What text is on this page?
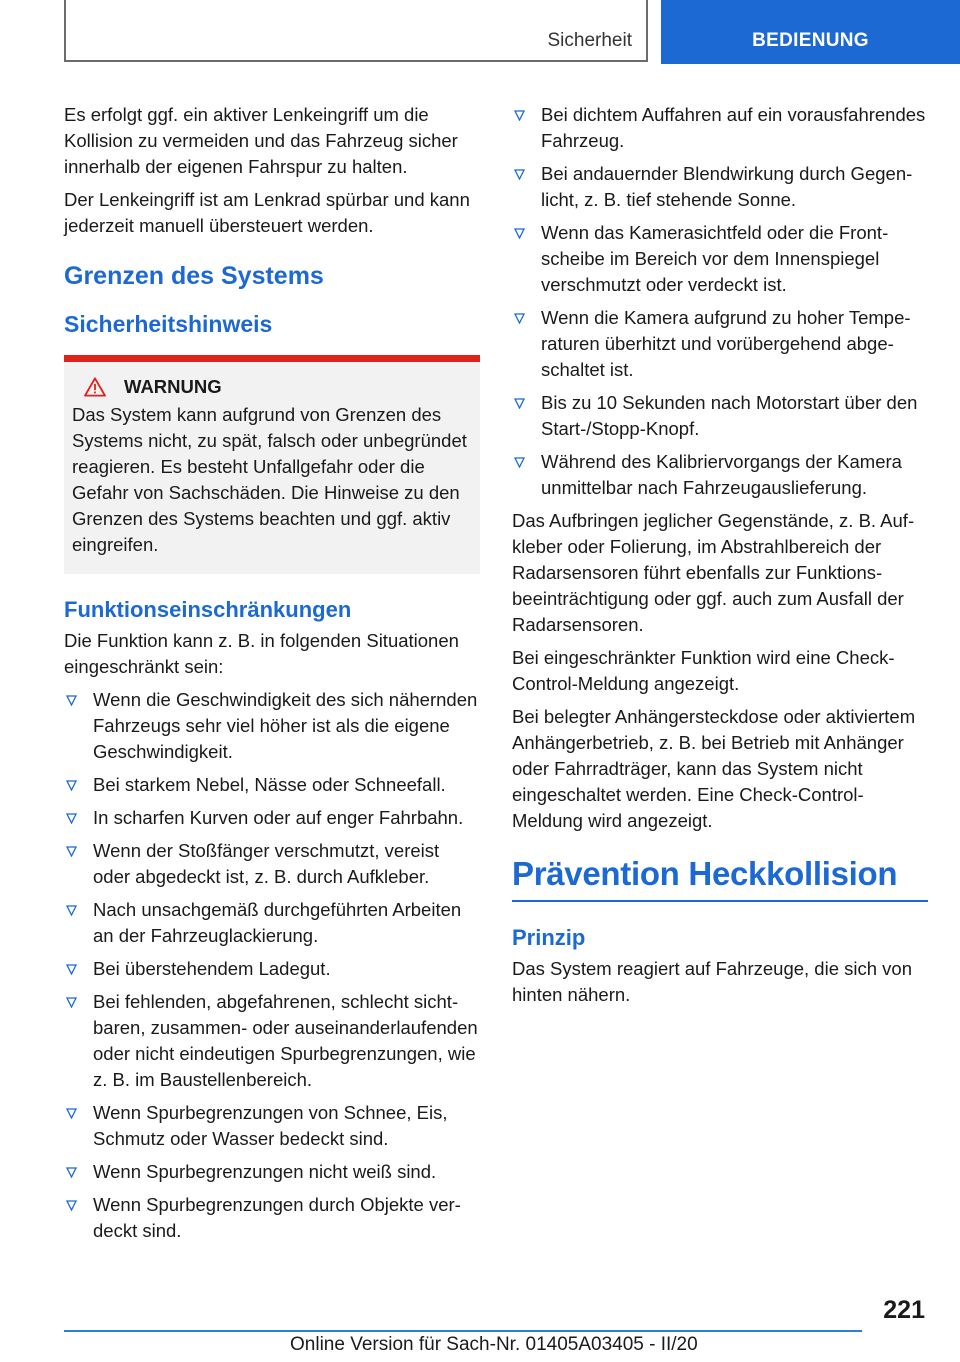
Sicherheit	BEDIENUNG

Es erfolgt ggf. ein aktiver Lenkeingriff um die Kollision zu vermeiden und das Fahrzeug sicher innerhalb der eigenen Fahrspur zu halten.

Der Lenkeingriff ist am Lenkrad spürbar und kann jederzeit manuell übersteuert werden.

Grenzen des Systems
Sicherheitshinweis
WARNUNG

Das System kann aufgrund von Grenzen des Systems nicht, zu spät, falsch oder unbegründet reagieren. Es besteht Unfallgefahr oder die Gefahr von Sachschäden. Die Hinweise zu den Grenzen des Systems beachten und ggf. aktiv eingreifen.

Funktionseinschränkungen

Die Funktion kann z. B. in folgenden Situationen eingeschränkt sein:

Wenn die Geschwindigkeit des sich nähernden Fahrzeugs sehr viel höher ist als die eigene Geschwindigkeit.
Bei starkem Nebel, Nässe oder Schneefall.
In scharfen Kurven oder auf enger Fahrbahn.
Wenn der Stoßfänger verschmutzt, vereist oder abgedeckt ist, z. B. durch Aufkleber.
Nach unsachgemäß durchgeführten Arbeiten an der Fahrzeuglackierung.
Bei überstehendem Ladegut.
Bei fehlenden, abgefahrenen, schlecht sichtbaren, zusammen- oder auseinanderlaufenden oder nicht eindeutigen Spurbegrenzungen, wie z. B. im Baustellenbereich.
Wenn Spurbegrenzungen von Schnee, Eis, Schmutz oder Wasser bedeckt sind.
Wenn Spurbegrenzungen nicht weiß sind.
Wenn Spurbegrenzungen durch Objekte verdeckt sind.
Bei dichtem Auffahren auf ein vorausfahrendes Fahrzeug.
Bei andauernder Blendwirkung durch Gegenlicht, z. B. tief stehende Sonne.
Wenn das Kamerasichtfeld oder die Frontscheibe im Bereich vor dem Innenspiegel verschmutzt oder verdeckt ist.
Wenn die Kamera aufgrund zu hoher Temperaturen überhitzt und vorübergehend abgeschaltet ist.
Bis zu 10 Sekunden nach Motorstart über den Start-/Stopp-Knopf.
Während des Kalibriervorgangs der Kamera unmittelbar nach Fahrzeugauslieferung.

Das Aufbringen jeglicher Gegenstände, z. B. Aufkleber oder Folierung, im Abstrahlbereich der Radarsensoren führt ebenfalls zur Funktionsbeeinträchtigung oder ggf. auch zum Ausfall der Radarsensoren.

Bei eingeschränkter Funktion wird eine Check-Control-Meldung angezeigt.

Bei belegter Anhängersteckdose oder aktiviertem Anhängerbetrieb, z. B. bei Betrieb mit Anhänger oder Fahrradträger, kann das System nicht eingeschaltet werden. Eine Check-Control-Meldung wird angezeigt.

Prävention Heckkollision
Prinzip

Das System reagiert auf Fahrzeuge, die sich von hinten nähern.

221
Online Version für Sach-Nr. 01405A03405 - II/20
